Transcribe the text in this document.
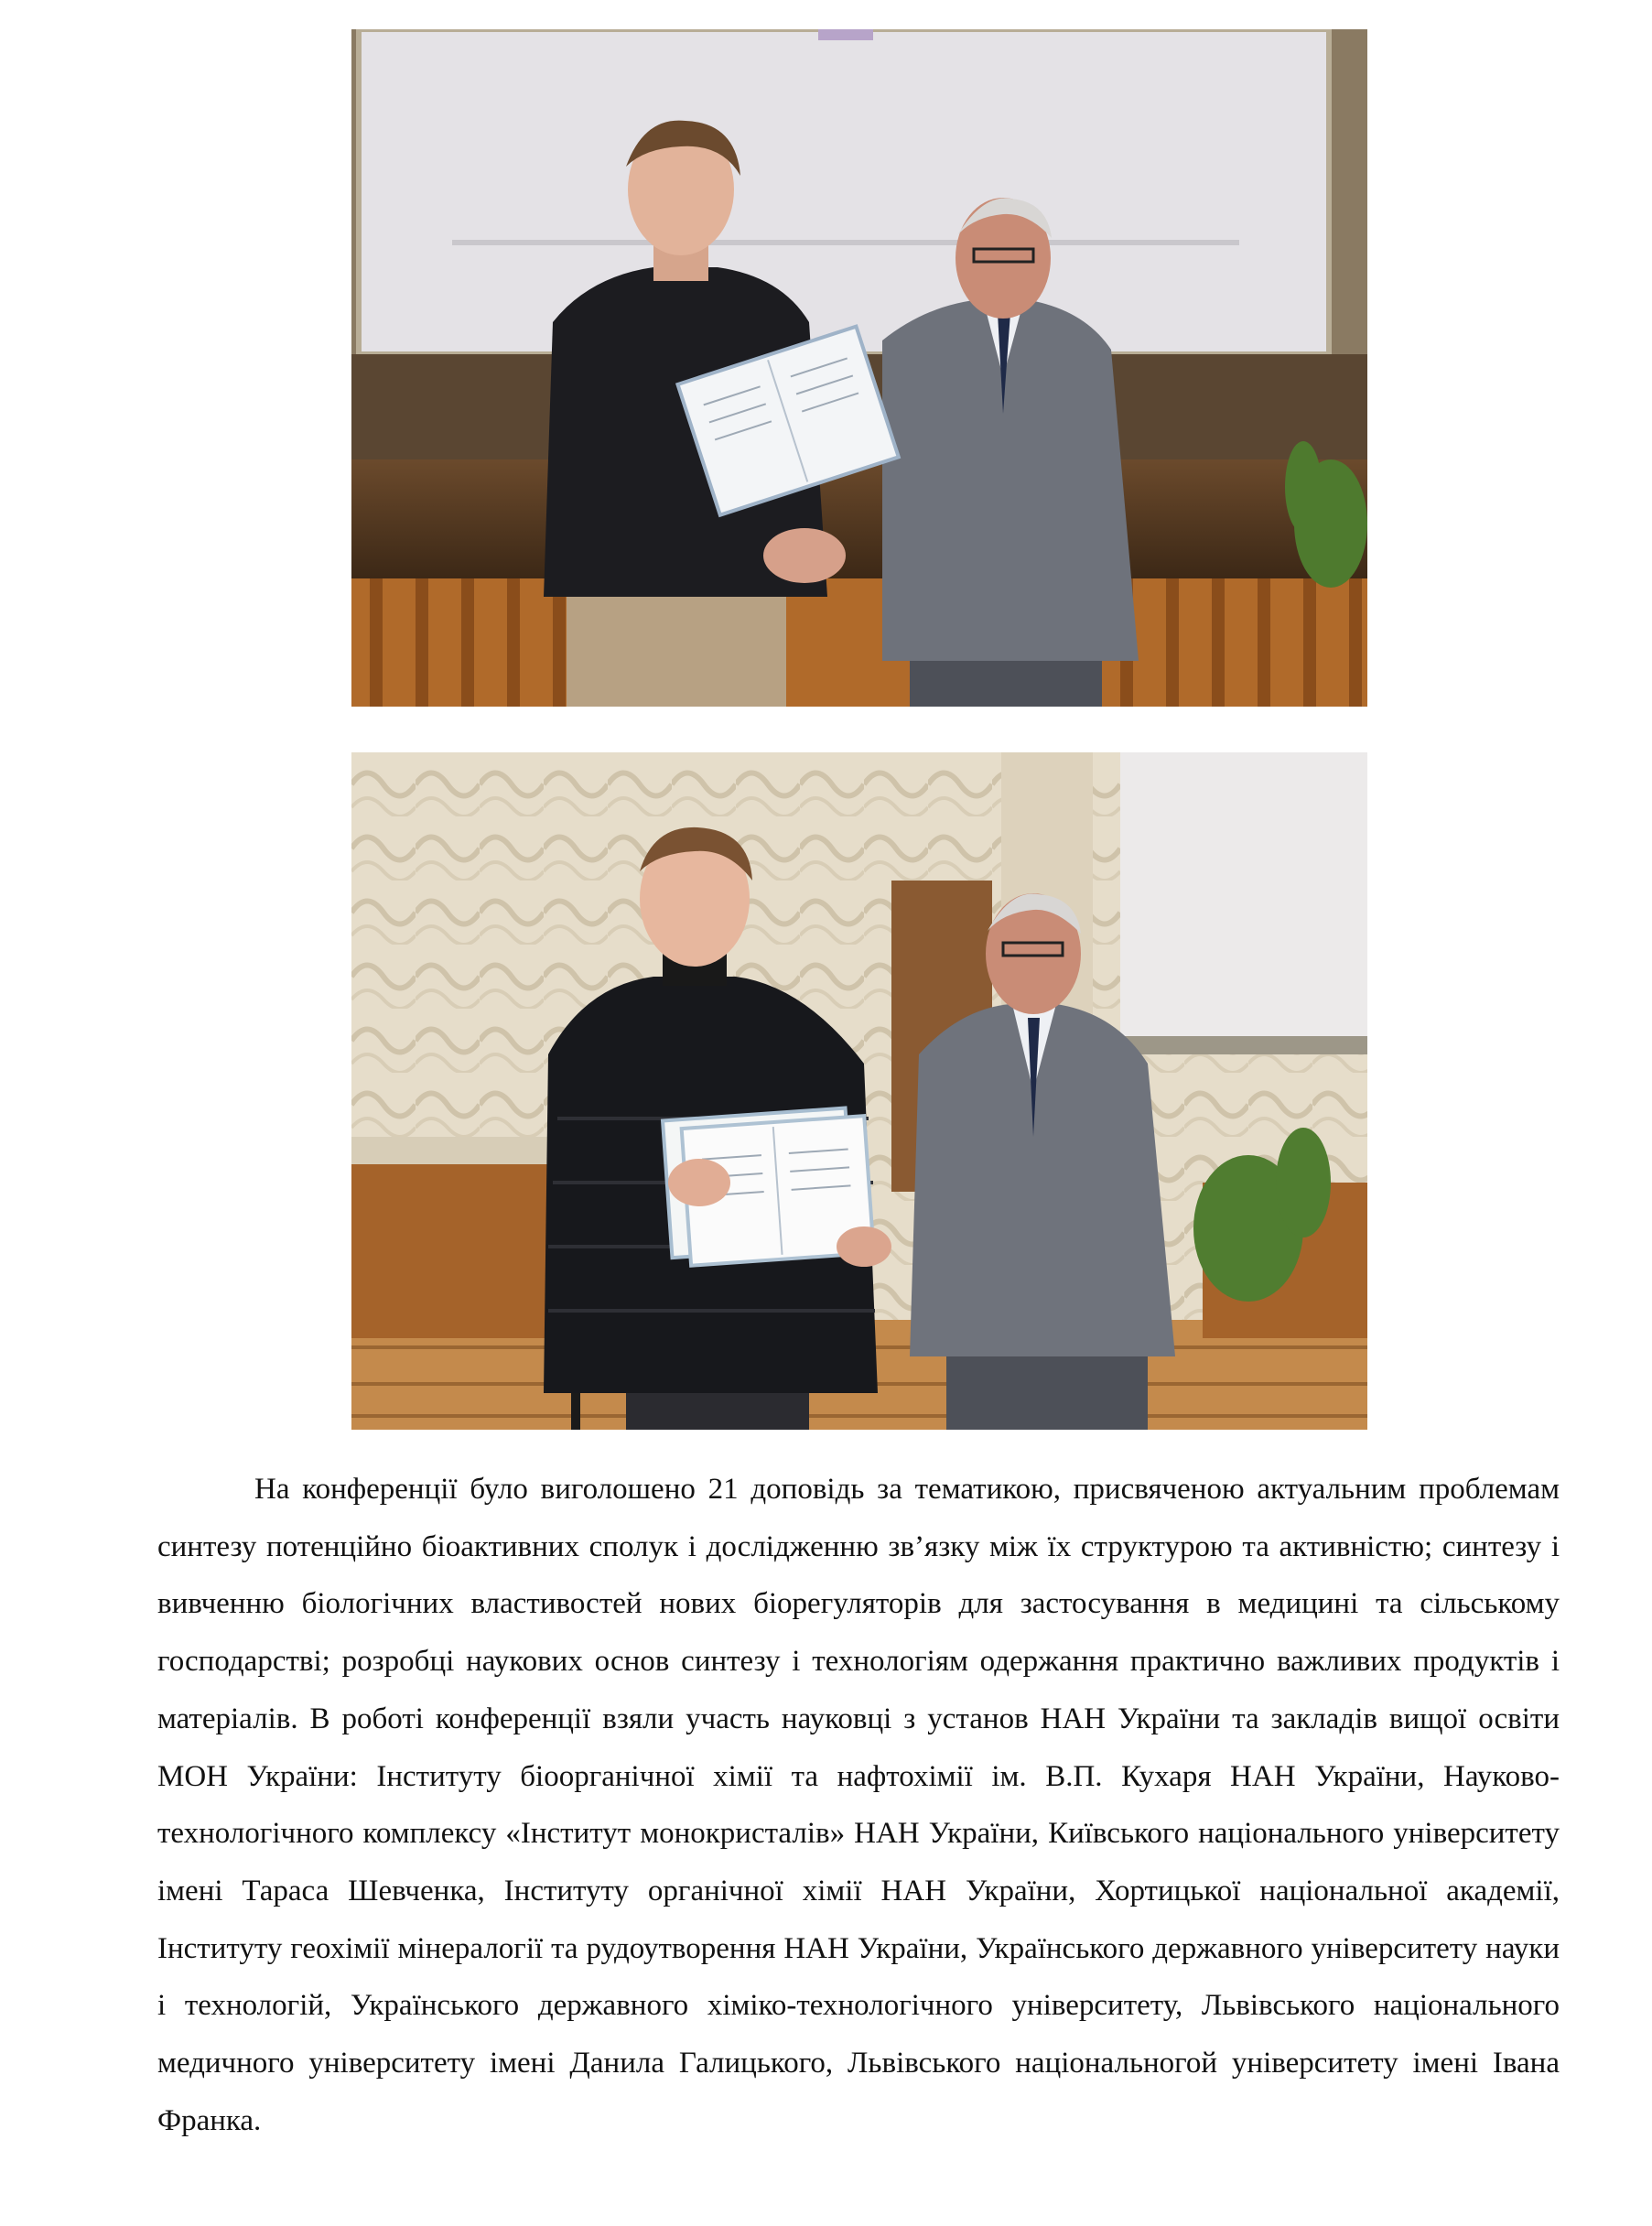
На конференції було виголошено 21 доповідь за тематикою, присвяченою актуальним проблемам синтезу потенційно біоактивних сполук і дослідженню зв’язку між їх структурою та активністю; синтезу і вивченню біологічних властивостей нових біорегуляторів для застосування в медицині та сільському господарстві; розробці наукових основ синтезу і технологіям одержання практично важливих продуктів і матеріалів. В роботі конференції взяли участь науковці з установ НАН України та закладів вищої освіти МОН України: Інституту біоорганічної хімії та нафтохімії ім. В.П. Кухаря НАН України, Науково-технологічного комплексу «Інститут монокристалів» НАН України, Київського національного університету імені Тараса Шевченка, Інституту органічної хімії НАН України, Хортицької національної академії, Інституту геохімії мінералогії та рудоутворення НАН України, Українського державного університету науки і технологій, Українського державного хіміко-технологічного університету, Львівського національного медичного університету імені Данила Галицького, Львівського національногой університету імені Івана Франка.
